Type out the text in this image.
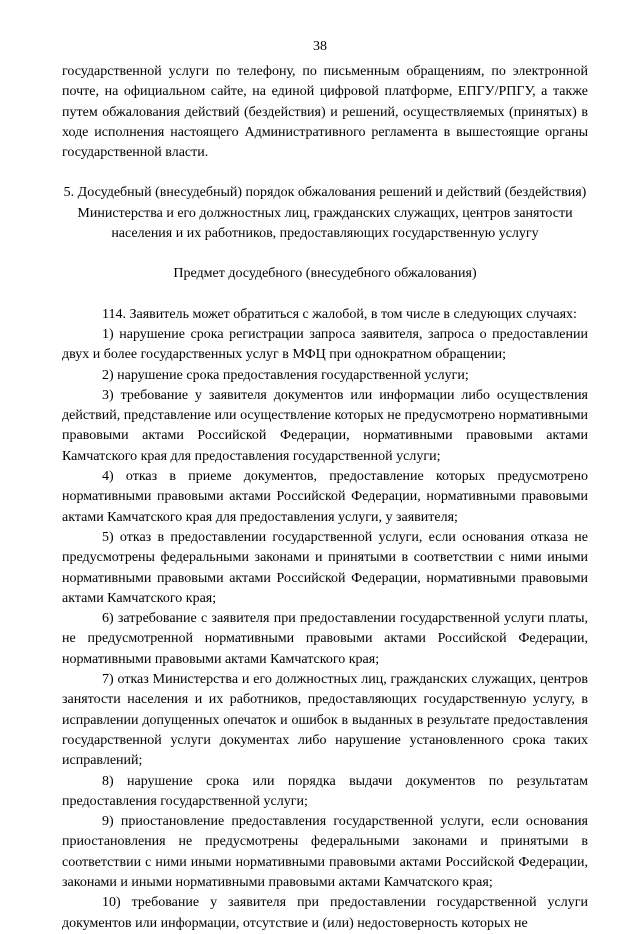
38

государственной услуги по телефону, по письменным обращениям, по электронной почте, на официальном сайте, на единой цифровой платформе, ЕПГУ/РПГУ, а также путем обжалования действий (бездействия) и решений, осуществляемых (принятых) в ходе исполнения настоящего Административного регламента в вышестоящие органы государственной власти.

5. Досудебный (внесудебный) порядок обжалования решений и действий (бездействия) Министерства и его должностных лиц, гражданских служащих, центров занятости населения и их работников, предоставляющих государственную услугу

Предмет досудебного (внесудебного обжалования)

114. Заявитель может обратиться с жалобой, в том числе в следующих случаях:

1) нарушение срока регистрации запроса заявителя, запроса о предоставлении двух и более государственных услуг в МФЦ при однократном обращении;

2) нарушение срока предоставления государственной услуги;

3) требование у заявителя документов или информации либо осуществления действий, представление или осуществление которых не предусмотрено нормативными правовыми актами Российской Федерации, нормативными правовыми актами Камчатского края для предоставления государственной услуги;

4) отказ в приеме документов, предоставление которых предусмотрено нормативными правовыми актами Российской Федерации, нормативными правовыми актами Камчатского края для предоставления услуги, у заявителя;

5) отказ в предоставлении государственной услуги, если основания отказа не предусмотрены федеральными законами и принятыми в соответствии с ними иными нормативными правовыми актами Российской Федерации, нормативными правовыми актами Камчатского края;

6) затребование с заявителя при предоставлении государственной услуги платы, не предусмотренной нормативными правовыми актами Российской Федерации, нормативными правовыми актами Камчатского края;

7) отказ Министерства и его должностных лиц, гражданских служащих, центров занятости населения и их работников, предоставляющих государственную услугу, в исправлении допущенных опечаток и ошибок в выданных в результате предоставления государственной услуги документах либо нарушение установленного срока таких исправлений;

8) нарушение срока или порядка выдачи документов по результатам предоставления государственной услуги;

9) приостановление предоставления государственной услуги, если основания приостановления не предусмотрены федеральными законами и принятыми в соответствии с ними иными нормативными правовыми актами Российской Федерации, законами и иными нормативными правовыми актами Камчатского края;

10) требование у заявителя при предоставлении государственной услуги документов или информации, отсутствие и (или) недостоверность которых не
